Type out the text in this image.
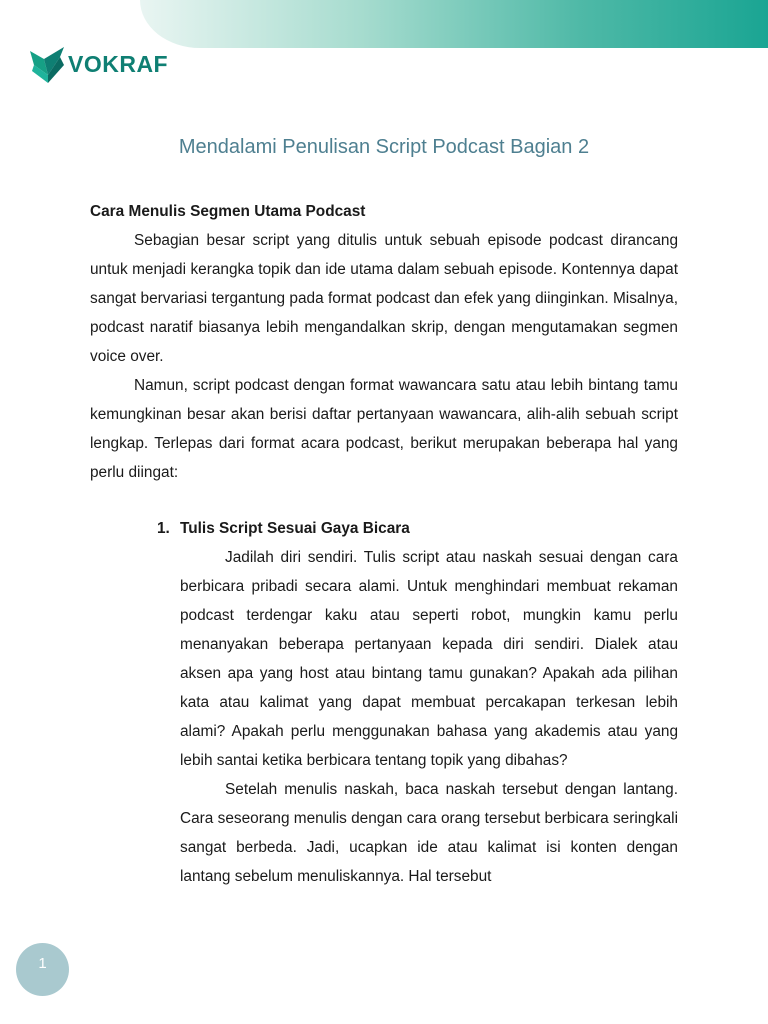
VOKRAF
Mendalami Penulisan Script Podcast Bagian 2

Cara Menulis Segmen Utama Podcast

Sebagian besar script yang ditulis untuk sebuah episode podcast dirancang untuk menjadi kerangka topik dan ide utama dalam sebuah episode. Kontennya dapat sangat bervariasi tergantung pada format podcast dan efek yang diinginkan. Misalnya, podcast naratif biasanya lebih mengandalkan skrip, dengan mengutamakan segmen voice over.

Namun, script podcast dengan format wawancara satu atau lebih bintang tamu kemungkinan besar akan berisi daftar pertanyaan wawancara, alih-alih sebuah script lengkap. Terlepas dari format acara podcast, berikut merupakan beberapa hal yang perlu diingat:

1. Tulis Script Sesuai Gaya Bicara

Jadilah diri sendiri. Tulis script atau naskah sesuai dengan cara berbicara pribadi secara alami. Untuk menghindari membuat rekaman podcast terdengar kaku atau seperti robot, mungkin kamu perlu menanyakan beberapa pertanyaan kepada diri sendiri. Dialek atau aksen apa yang host atau bintang tamu gunakan? Apakah ada pilihan kata atau kalimat yang dapat membuat percakapan terkesan lebih alami? Apakah perlu menggunakan bahasa yang akademis atau yang lebih santai ketika berbicara tentang topik yang dibahas?

Setelah menulis naskah, baca naskah tersebut dengan lantang. Cara seseorang menulis dengan cara orang tersebut berbicara seringkali sangat berbeda. Jadi, ucapkan ide atau kalimat isi konten dengan lantang sebelum menuliskannya. Hal tersebut

1
